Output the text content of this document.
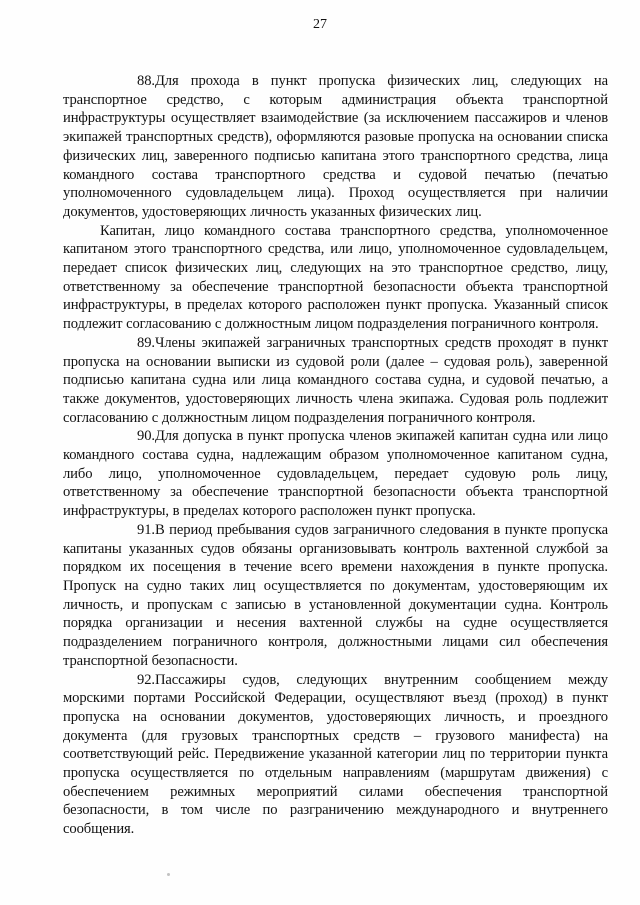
27

88.Для прохода в пункт пропуска физических лиц, следующих на транспортное средство, с которым администрация объекта транспортной инфраструктуры осуществляет взаимодействие (за исключением пассажиров и членов экипажей транспортных средств), оформляются разовые пропуска на основании списка физических лиц, заверенного подписью капитана этого транспортного средства, лица командного состава транспортного средства и судовой печатью (печатью уполномоченного судовладельцем лица). Проход осуществляется при наличии документов, удостоверяющих личность указанных физических лиц.

Капитан, лицо командного состава транспортного средства, уполномоченное капитаном этого транспортного средства, или лицо, уполномоченное судовладельцем, передает список физических лиц, следующих на это транспортное средство, лицу, ответственному за обеспечение транспортной безопасности объекта транспортной инфраструктуры, в пределах которого расположен пункт пропуска. Указанный список подлежит согласованию с должностным лицом подразделения пограничного контроля.

89.Члены экипажей заграничных транспортных средств проходят в пункт пропуска на основании выписки из судовой роли (далее – судовая роль), заверенной подписью капитана судна или лица командного состава судна, и судовой печатью, а также документов, удостоверяющих личность члена экипажа. Судовая роль подлежит согласованию с должностным лицом подразделения пограничного контроля.

90.Для допуска в пункт пропуска членов экипажей капитан судна или лицо командного состава судна, надлежащим образом уполномоченное капитаном судна, либо лицо, уполномоченное судовладельцем, передает судовую роль лицу, ответственному за обеспечение транспортной безопасности объекта транспортной инфраструктуры, в пределах которого расположен пункт пропуска.

91.В период пребывания судов заграничного следования в пункте пропуска капитаны указанных судов обязаны организовывать контроль вахтенной службой за порядком их посещения в течение всего времени нахождения в пункте пропуска. Пропуск на судно таких лиц осуществляется по документам, удостоверяющим их личность, и пропускам с записью в установленной документации судна. Контроль порядка организации и несения вахтенной службы на судне осуществляется подразделением пограничного контроля, должностными лицами сил обеспечения транспортной безопасности.

92.Пассажиры судов, следующих внутренним сообщением между морскими портами Российской Федерации, осуществляют въезд (проход) в пункт пропуска на основании документов, удостоверяющих личность, и проездного документа (для грузовых транспортных средств – грузового манифеста) на соответствующий рейс. Передвижение указанной категории лиц по территории пункта пропуска осуществляется по отдельным направлениям (маршрутам движения) с обеспечением режимных мероприятий силами обеспечения транспортной безопасности, в том числе по разграничению международного и внутреннего сообщения.
